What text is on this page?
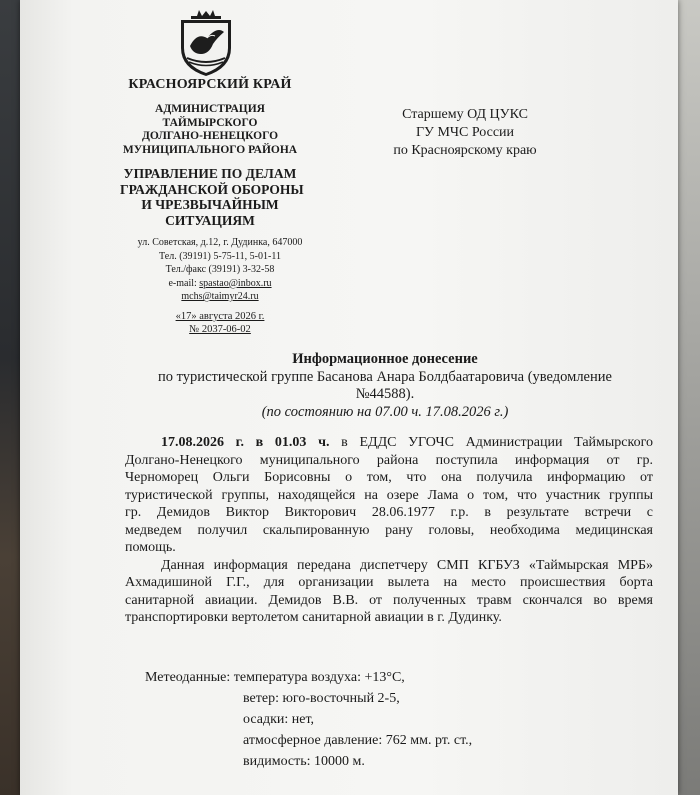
КРАСНОЯРСКИЙ КРАЙ
АДМИНИСТРАЦИЯ
ТАЙМЫРСКОГО
ДОЛГАНО-НЕНЕЦКОГО
МУНИЦИПАЛЬНОГО РАЙОНА
УПРАВЛЕНИЕ ПО ДЕЛАМ
ГРАЖДАНСКОЙ ОБОРОНЫ
И ЧРЕЗВЫЧАЙНЫМ
СИТУАЦИЯМ
ул. Советская, д.12, г. Дудинка, 647000
Тел. (39191) 5-75-11, 5-01-11
Тел./факс (39191) 3-32-58
e-mail: spastao@inbox.ru
mchs@taimyr24.ru
«17» августа 2026 г.
№ 2037-06-02
Старшему ОД ЦУКС
ГУ МЧС России
по Красноярскому краю
Информационное донесение
по туристической группе Басанова Анара Болдбаатаровича (уведомление
№44588).
(по состоянию на 07.00 ч. 17.08.2026 г.)
17.08.2026 г. в 01.03 ч. в ЕДДС УГОЧС Администрации Таймырского
Долгано-Ненецкого муниципального района поступила информация от гр.
Черноморец Ольги Борисовны о том, что она получила информацию от
туристической группы, находящейся на озере Лама о том, что участник группы
гр. Демидов Виктор Викторович 28.06.1977 г.р. в результате встречи с
медведем получил скальпированную рану головы, необходима медицинская
помощь.
Данная информация передана диспетчеру СМП КГБУЗ «Таймырская МРБ»
Ахмадишиной Г.Г., для организации вылета на место происшествия борта
санитарной авиации. Демидов В.В. от полученных травм скончался во время
транспортировки вертолетом санитарной авиации в г. Дудинку.
Метеоданные: температура воздуха: +13°С,
ветер: юго-восточный 2-5,
осадки: нет,
атмосферное давление: 762 мм. рт. ст.,
видимость: 10000 м.
